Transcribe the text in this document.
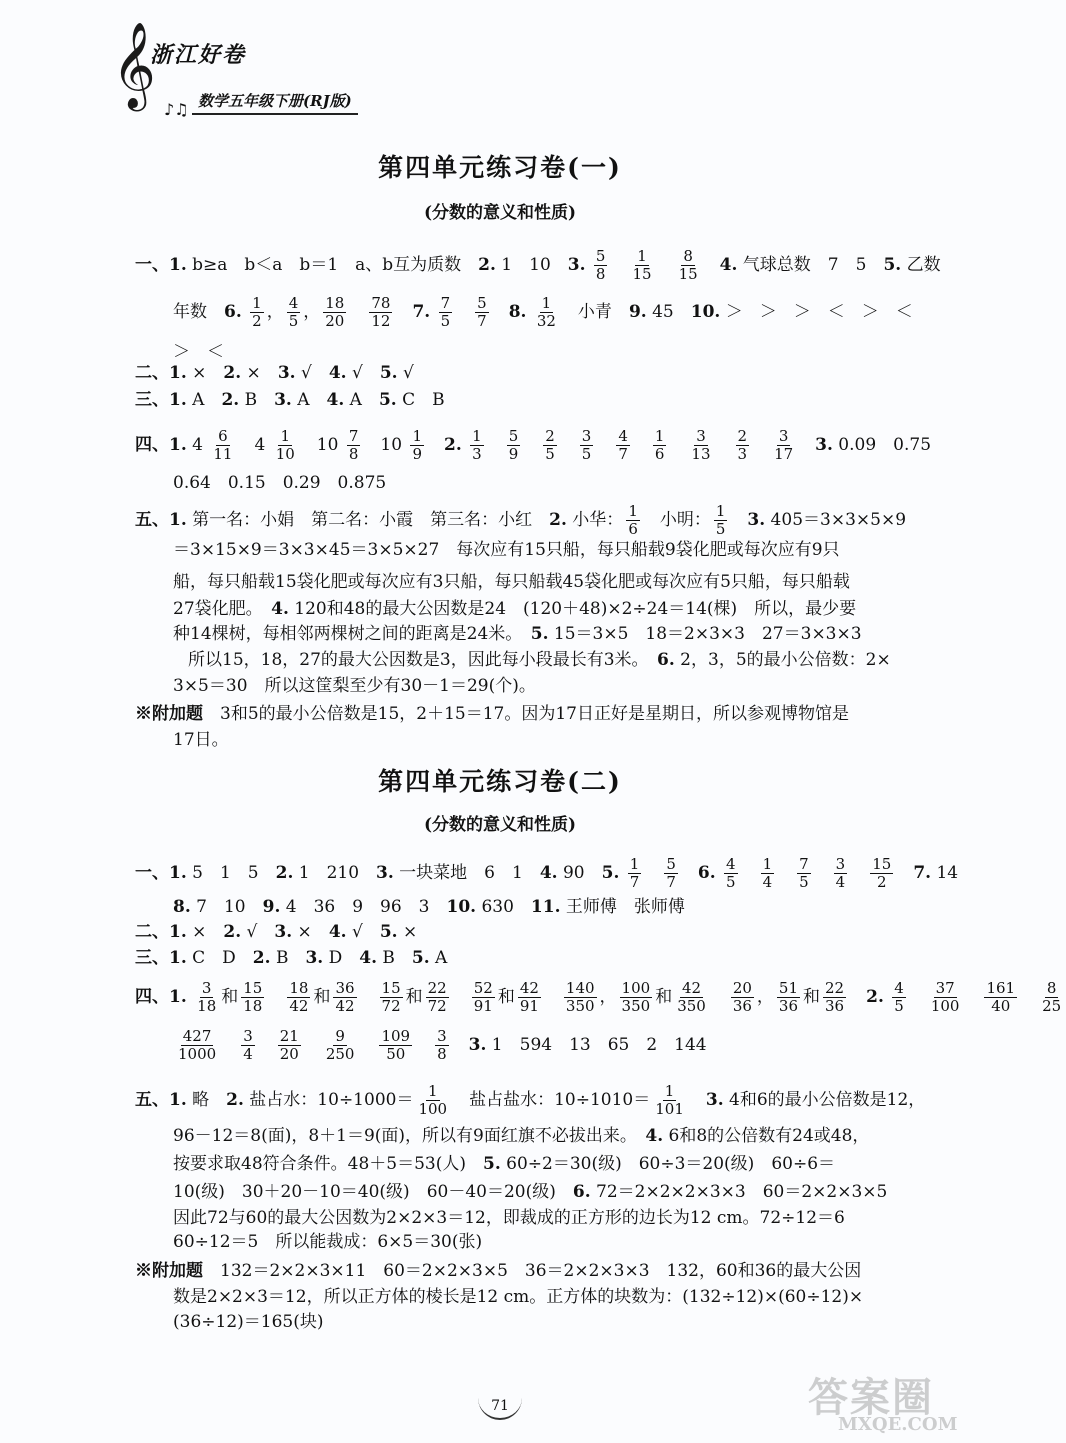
𝄞
浙江好卷
♪♫ 数学五年级下册(RJ版)
第四单元练习卷(一)
(分数的意义和性质)
一、1. b≥a　b＜a　b＝1　a、b互为质数　2. 1　10　3. $\frac{5}{8}$
　 $\frac{1}{15}$
　 $\frac{8}{15}$
　 4. 气球总数　7　5　5. 乙数
年数　6. $\frac{1}{2}$ ， $\frac{4}{5}$ ， $\frac{18}{20}$
　 $\frac{78}{12}$
　 7. $\frac{7}{5}$
　 $\frac{5}{7}$
　 8. $\frac{1}{32}$ 　小青　9. 45　10. ＞　＞　＞　＜　＞　＜
＞　＜
二、1. ×　2. ×　3. √　4. √　5. √
三、1. A　2. B　3. A　4. A　5. C　B
四、1. $4 \frac{6}{11}$ 　$4 \frac{1}{10}$ 　$10 \frac{7}{8}$ 　$10 \frac{1}{9}$
　 2. $\frac{1}{3}$
　 $\frac{5}{9}$
　 $\frac{2}{5}$
　 $\frac{3}{5}$
　 $\frac{4}{7}$
　 $\frac{1}{6}$
　 $\frac{3}{13}$
　 $\frac{2}{3}$
　 $\frac{3}{17}$
　 3. 0.09　0.75
0.64　0.15　0.29　0.875
五、1. 第一名：小娟　第二名：小霞　第三名：小红　2. 小华： $\frac{1}{6}$ 　小明： $\frac{1}{5}$
　 3. 405＝3×3×5×9
＝3×15×9＝3×3×45＝3×5×27　每次应有15只船，每只船载9袋化肥或每次应有9只
船，每只船载15袋化肥或每次应有3只船，每只船载45袋化肥或每次应有5只船，每只船载
27袋化肥。　4. 120和48的最大公因数是24　(120＋48)×2÷24＝14(棵)　所以，最少要
种14棵树，每相邻两棵树之间的距离是24米。　5. 15＝3×5　18＝2×3×3　27＝3×3×3
所以15，18，27的最大公因数是3，因此每小段最长有3米。　6. 2，3，5的最小公倍数：2×
3×5＝30　所以这筐梨至少有30－1＝29(个)。
※附加题　3和5的最小公倍数是15，2＋15＝17。因为17日正好是星期日，所以参观博物馆是
17日。
第四单元练习卷(二)
(分数的意义和性质)
一、1. 5　1　5　2. 1　210　3. 一块菜地　6　1　4. 90　5. $\frac{1}{7}$
　 $\frac{5}{7}$
　 6. $\frac{4}{5}$
　 $\frac{1}{4}$
　 $\frac{7}{5}$
　 $\frac{3}{4}$
　 $\frac{15}{2}$
　 7. 14
8. 7　10　9. 4　36　9　96　3　10. 630　11. 王师傅　张师傅
二、1. ×　2. √　3. ×　4. √　5. ×
三、1. C　D　2. B　3. D　4. B　5. A
四、1. $\frac{3}{18}$ 和 $\frac{15}{18}$
　 $\frac{18}{42}$ 和 $\frac{36}{42}$
　 $\frac{15}{72}$ 和 $\frac{22}{72}$
　 $\frac{52}{91}$ 和 $\frac{42}{91}$
　 $\frac{140}{350}$ ， $\frac{100}{350}$ 和 $\frac{42}{350}$
　 $\frac{20}{36}$ ， $\frac{51}{36}$ 和 $\frac{22}{36}$
　 2. $\frac{4}{5}$
　 $\frac{37}{100}$
　 $\frac{161}{40}$
　 $\frac{8}{25}$
$\frac{427}{1000}$
　 $\frac{3}{4}$
　 $\frac{21}{20}$
　 $\frac{9}{250}$
　 $\frac{109}{50}$
　 $\frac{3}{8}$
　 3. 1　594　13　65　2　144
五、1. 略　2. 盐占水：$10\div 1000= \frac{1}{100}$ 　盐占盐水：$10\div 1010= \frac{1}{101}$
　 3. 4和6的最小公倍数是12，
96－12＝8(面)，8＋1＝9(面)，所以有9面红旗不必拔出来。　4. 6和8的公倍数有24或48，
按要求取48符合条件。48＋5＝53(人)　5. 60÷2＝30(级)　60÷3＝20(级)　60÷6＝
10(级)　30＋20－10＝40(级)　60－40＝20(级)　6. 72＝2×2×2×3×3　60＝2×2×3×5
因此72与60的最大公因数为2×2×3＝12，即裁成的正方形的边长为12 cm。72÷12＝6
60÷12＝5　所以能裁成：6×5＝30(张)
※附加题　132＝2×2×3×11　60＝2×2×3×5　36＝2×2×3×3　132，60和36的最大公因
数是2×2×3＝12，所以正方体的棱长是12 cm。正方体的块数为：(132÷12)×(60÷12)×
(36÷12)＝165(块)
71	答案圈
MXQE.COM
